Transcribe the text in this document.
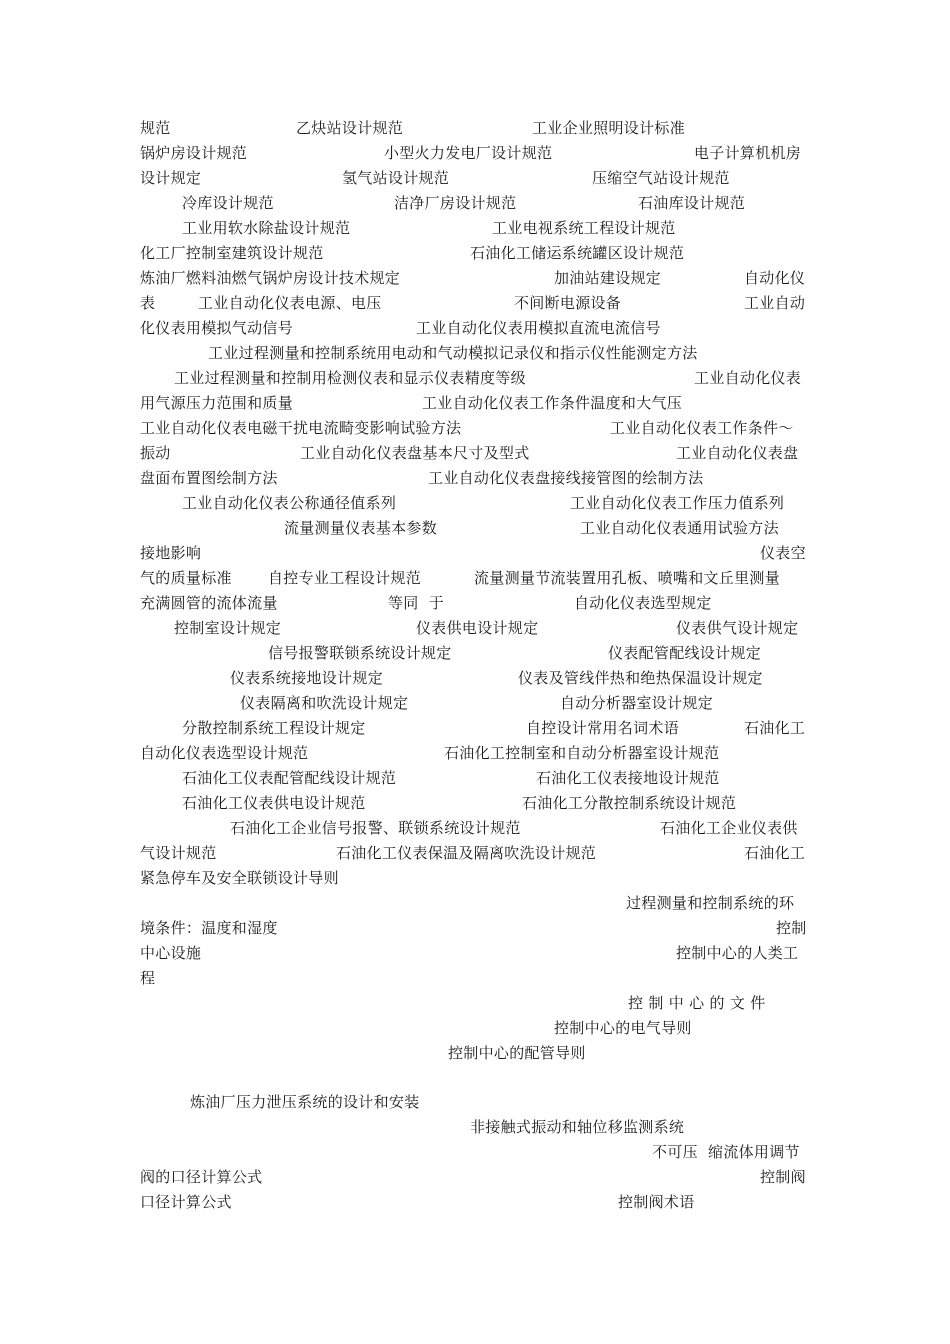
规范	乙炔站设计规范	工业企业照明设计标准
锅炉房设计规范	小型火力发电厂设计规范	电子计算机机房
设计规定	氢气站设计规范	压缩空气站设计规范
冷库设计规范	洁净厂房设计规范	石油库设计规范
工业用软水除盐设计规范	工业电视系统工程设计规范
化工厂控制室建筑设计规范	石油化工储运系统罐区设计规范
炼油厂燃料油燃气锅炉房设计技术规定	加油站建设规定	自动化仪
表	工业自动化仪表电源、电压	不间断电源设备	工业自动
化仪表用模拟气动信号	工业自动化仪表用模拟直流电流信号
工业过程测量和控制系统用电动和气动模拟记录仪和指示仪性能测定方法
工业过程测量和控制用检测仪表和显示仪表精度等级	工业自动化仪表
用气源压力范围和质量	工业自动化仪表工作条件温度和大气压
工业自动化仪表电磁干扰电流畸变影响试验方法	工业自动化仪表工作条件～
振动	工业自动化仪表盘基本尺寸及型式	工业自动化仪表盘
盘面布置图绘制方法	工业自动化仪表盘接线接管图的绘制方法
工业自动化仪表公称通径值系列	工业自动化仪表工作压力值系列
流量测量仪表基本参数	工业自动化仪表通用试验方法
接地影响	仪表空
气的质量标准 自控专业工程设计规范	流量测量节流装置用孔板、喷嘴和文丘里测量
充满圆管的流体流量	等同  于	自动化仪表选型规定
控制室设计规定	仪表供电设计规定	仪表供气设计规定
信号报警联锁系统设计规定	仪表配管配线设计规定
仪表系统接地设计规定	仪表及管线伴热和绝热保温设计规定
仪表隔离和吹洗设计规定	自动分析器室设计规定
分散控制系统工程设计规定	自控设计常用名词术语	石油化工
自动化仪表选型设计规范	石油化工控制室和自动分析器室设计规范
石油化工仪表配管配线设计规范	石油化工仪表接地设计规范
石油化工仪表供电设计规范	石油化工分散控制系统设计规范
石油化工企业信号报警、联锁系统设计规范	石油化工企业仪表供
气设计规范	石油化工仪表保温及隔离吹洗设计规范	石油化工
紧急停车及安全联锁设计导则
过程测量和控制系统的环
境条件：温度和湿度	控制
中心设施	控制中心的人类工
程
控 制 中 心 的 文 件
控制中心的电气导则
控制中心的配管导则
炼油厂压力泄压系统的设计和安装
非接触式振动和轴位移监测系统
不可压  缩流体用调节
阀的口径计算公式	控制阀
口径计算公式	控制阀术语
